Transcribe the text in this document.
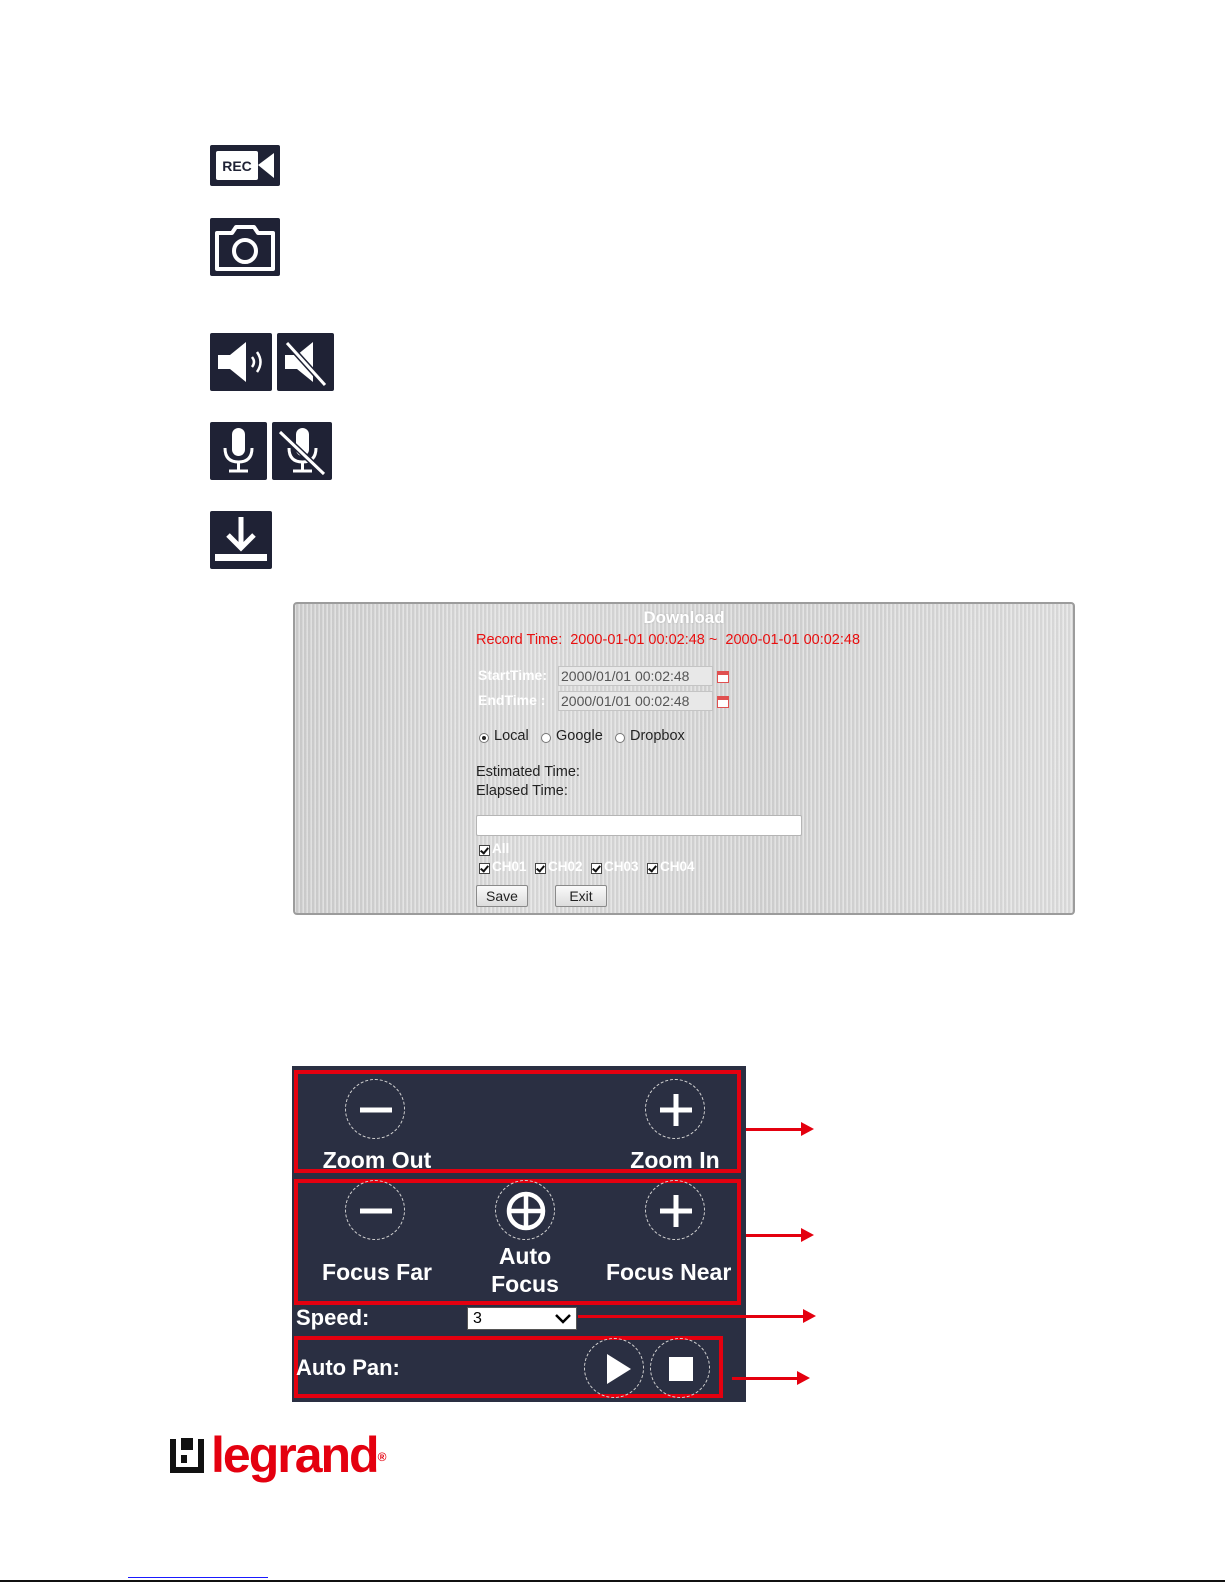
REC
Download
Record Time: 2000-01-01 00:02:48 ~ 2000-01-01 00:02:48
StartTime: 2000/01/01 00:02:48
EndTime : 2000/01/01 00:02:48
Local Google Dropbox
Estimated Time:
Elapsed Time:
All
CH01 CH02 CH03 CH04
Save	Exit
Zoom Out	Zoom In
Focus Far
Auto
Focus	Focus Near
Speed:	3
Auto Pan:
legrand®
